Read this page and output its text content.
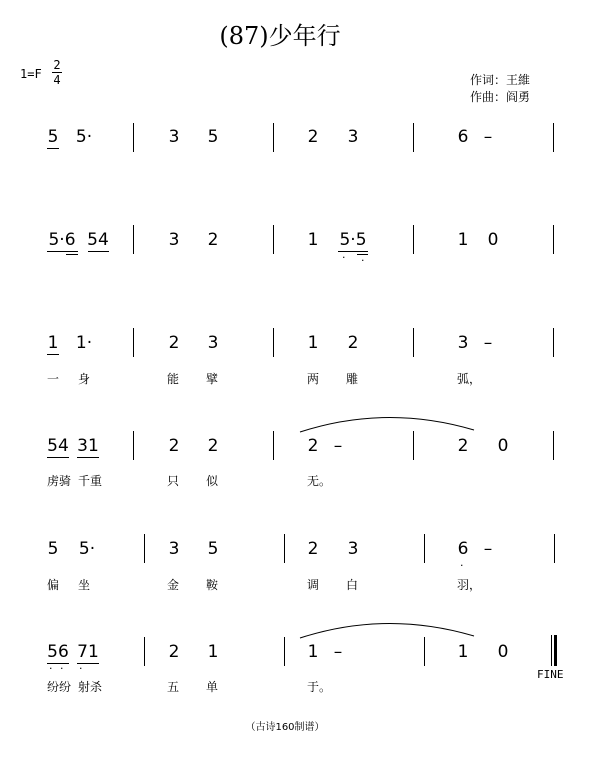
(87)少年行
1=F
2
4	作词：王維
作曲：阎勇
5 5·	3 5	2 3	6 –
5·6 54	3 2	1 5·5
· ·
1 0
1 1·	2 3	1 2	3 –
一 身	能 擘	两 雕	弧，
54 31	2 2	2 –	2 0
虏骑 千重	只 似	无。
5 5·	3 5	2 3	6
·
–
偏 坐	金 鞍	调 白	羽，
56
· ·
71
·
2 1	1 –	1 0
FINE
纷纷 射杀	五 单	于。
（古诗160制谱）
